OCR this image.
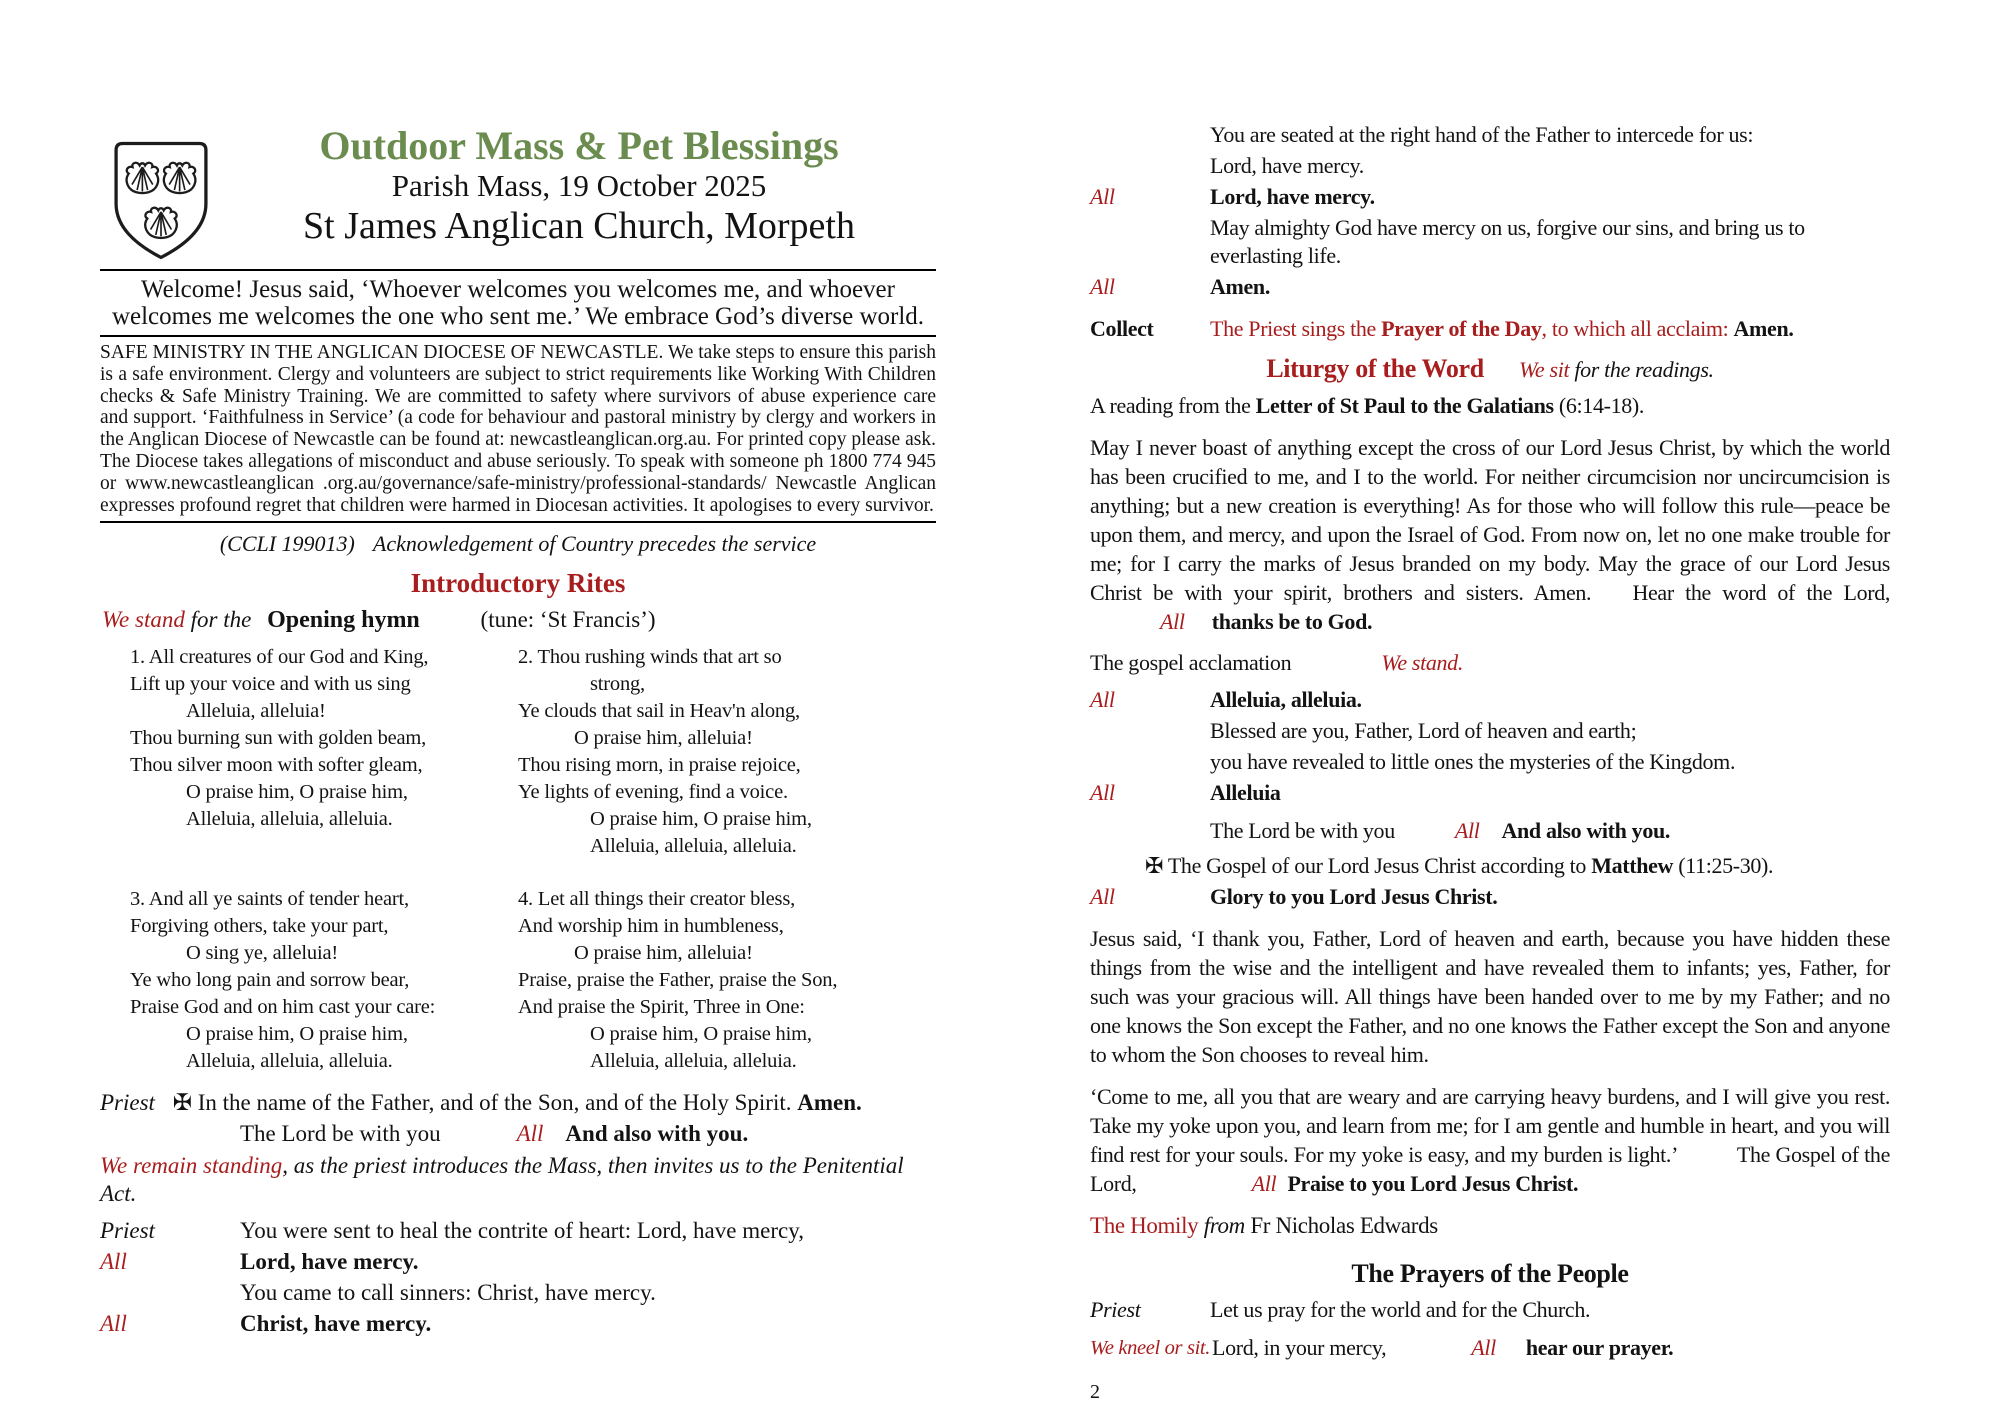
Outdoor Mass & Pet Blessings
Parish Mass, 19 October 2025
St James Anglican Church, Morpeth

Welcome! Jesus said, ‘Whoever welcomes you welcomes me, and whoever welcomes me welcomes the one who sent me.’ We embrace God’s diverse world.

SAFE MINISTRY IN THE ANGLICAN DIOCESE OF NEWCASTLE. We take steps to ensure this parish is a safe environment. Clergy and volunteers are subject to strict requirements like Working With Children checks & Safe Ministry Training. We are committed to safety where survivors of abuse experience care and support. ‘Faithfulness in Service’ (a code for behaviour and pastoral ministry by clergy and workers in the Anglican Diocese of Newcastle can be found at: newcastleanglican.org.au. For printed copy please ask. The Diocese takes allegations of misconduct and abuse seriously. To speak with someone ph 1800 774 945 or www.newcastleanglican .org.au/governance/safe-ministry/professional-standards/ Newcastle Anglican expresses profound regret that children were harmed in Diocesan activities. It apologises to every survivor.

(CCLI 199013) Acknowledgement of Country precedes the service

Introductory Rites
We stand for the Opening hymn	(tune: ‘St Francis’)
1. All creatures of our God and King,
Lift up your voice and with us sing
Alleluia, alleluia!
Thou burning sun with golden beam,
Thou silver moon with softer gleam,
O praise him, O praise him,
Alleluia, alleluia, alleluia.
2. Thou rushing winds that art so
strong,
Ye clouds that sail in Heav'n along,
O praise him, alleluia!
Thou rising morn, in praise rejoice,
Ye lights of evening, find a voice.
O praise him, O praise him,
Alleluia, alleluia, alleluia.
3. And all ye saints of tender heart,
Forgiving others, take your part,
O sing ye, alleluia!
Ye who long pain and sorrow bear,
Praise God and on him cast your care:
O praise him, O praise him,
Alleluia, alleluia, alleluia.
4. Let all things their creator bless,
And worship him in humbleness,
O praise him, alleluia!
Praise, praise the Father, praise the Son,
And praise the Spirit, Three in One:
O praise him, O praise him,
Alleluia, alleluia, alleluia.
Priest ✠ In the name of the Father, and of the Son, and of the Holy Spirit. Amen.
The Lord be with you	All And also with you.
We remain standing, as the priest introduces the Mass, then invites us to the Penitential Act.
Priest	You were sent to heal the contrite of heart: Lord, have mercy,
All	Lord, have mercy.
You came to call sinners: Christ, have mercy.
All	Christ, have mercy.
You are seated at the right hand of the Father to intercede for us:
Lord, have mercy.
All	Lord, have mercy.
May almighty God have mercy on us, forgive our sins, and bring us to everlasting life.
All	Amen.
Collect	The Priest sings the Prayer of the Day, to which all acclaim: Amen.
Liturgy of the Word We sit for the readings.
A reading from the Letter of St Paul to the Galatians (6:14-18).

May I never boast of anything except the cross of our Lord Jesus Christ, by which the world has been crucified to me, and I to the world. For neither circumcision nor uncircumcision is anything; but a new creation is everything! As for those who will follow this rule—peace be upon them, and mercy, and upon the Israel of God. From now on, let no one make trouble for me; for I carry the marks of Jesus branded on my body. May the grace of our Lord Jesus Christ be with your spirit, brothers and sisters. Amen. Hear the word of the Lord, All thanks be to God.

The gospel acclamation	We stand.
All	Alleluia, alleluia.
Blessed are you, Father, Lord of heaven and earth;
you have revealed to little ones the mysteries of the Kingdom.
All	Alleluia
The Lord be with you	All And also with you.
✠ The Gospel of our Lord Jesus Christ according to Matthew (11:25-30).
All	Glory to you Lord Jesus Christ.

Jesus said, ‘I thank you, Father, Lord of heaven and earth, because you have hidden these things from the wise and the intelligent and have revealed them to infants; yes, Father, for such was your gracious will. All things have been handed over to me by my Father; and no one knows the Son except the Father, and no one knows the Father except the Son and anyone to whom the Son chooses to reveal him.

‘Come to me, all you that are weary and are carrying heavy burdens, and I will give you rest. Take my yoke upon you, and learn from me; for I am gentle and humble in heart, and you will find rest for your souls. For my yoke is easy, and my burden is light.’	The Gospel of the Lord,	All Praise to you Lord Jesus Christ.

The Homily from Fr Nicholas Edwards
The Prayers of the People
Priest	Let us pray for the world and for the Church.
We kneel or sit. Lord, in your mercy,	All hear our prayer.
2
